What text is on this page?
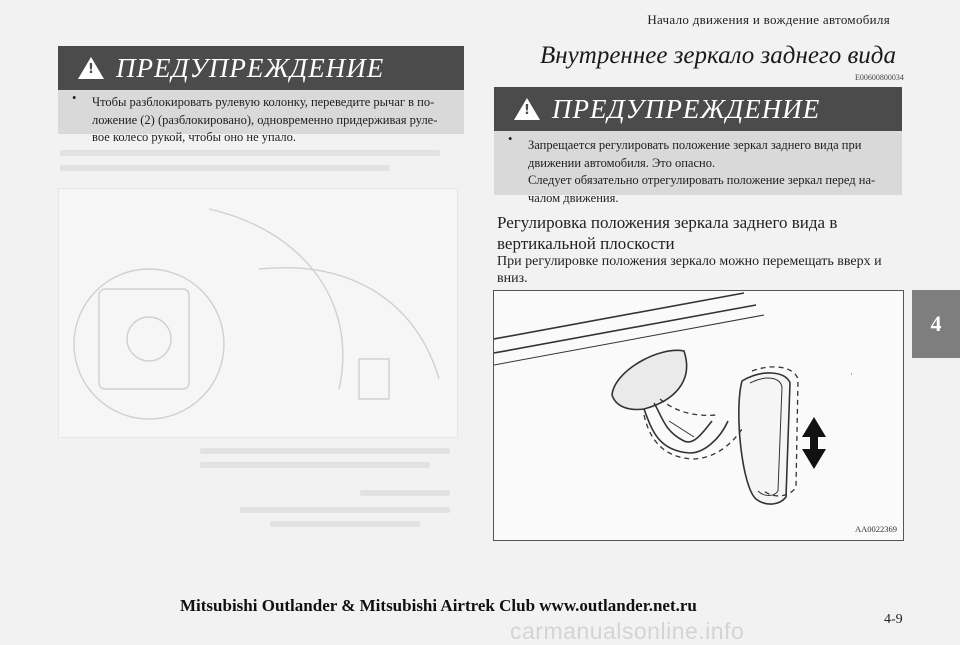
Начало движения и вождение автомобиля
!
ПРЕДУПРЕЖДЕНИЕ
• Чтобы разблокировать рулевую колонку, переведите рычаг в по-
ложение (2) (разблокировано), одновременно придерживая руле-
вое колесо рукой, чтобы оно не упало.
Внутреннее зеркало заднего вида
E00600800034
!
ПРЕДУПРЕЖДЕНИЕ
• Запрещается регулировать положение зеркал заднего вида при
движении автомобиля. Это опасно.
Следует обязательно отрегулировать положение зеркал перед на-
чалом движения.
Регулировка положения зеркала заднего вида в
вертикальной плоскости
При регулировке положения зеркало можно перемещать вверх и
вниз.
·
AA0022369
4
Mitsubishi Outlander & Mitsubishi Airtrek Club www.outlander.net.ru
4-9
carmanualsonline.info
